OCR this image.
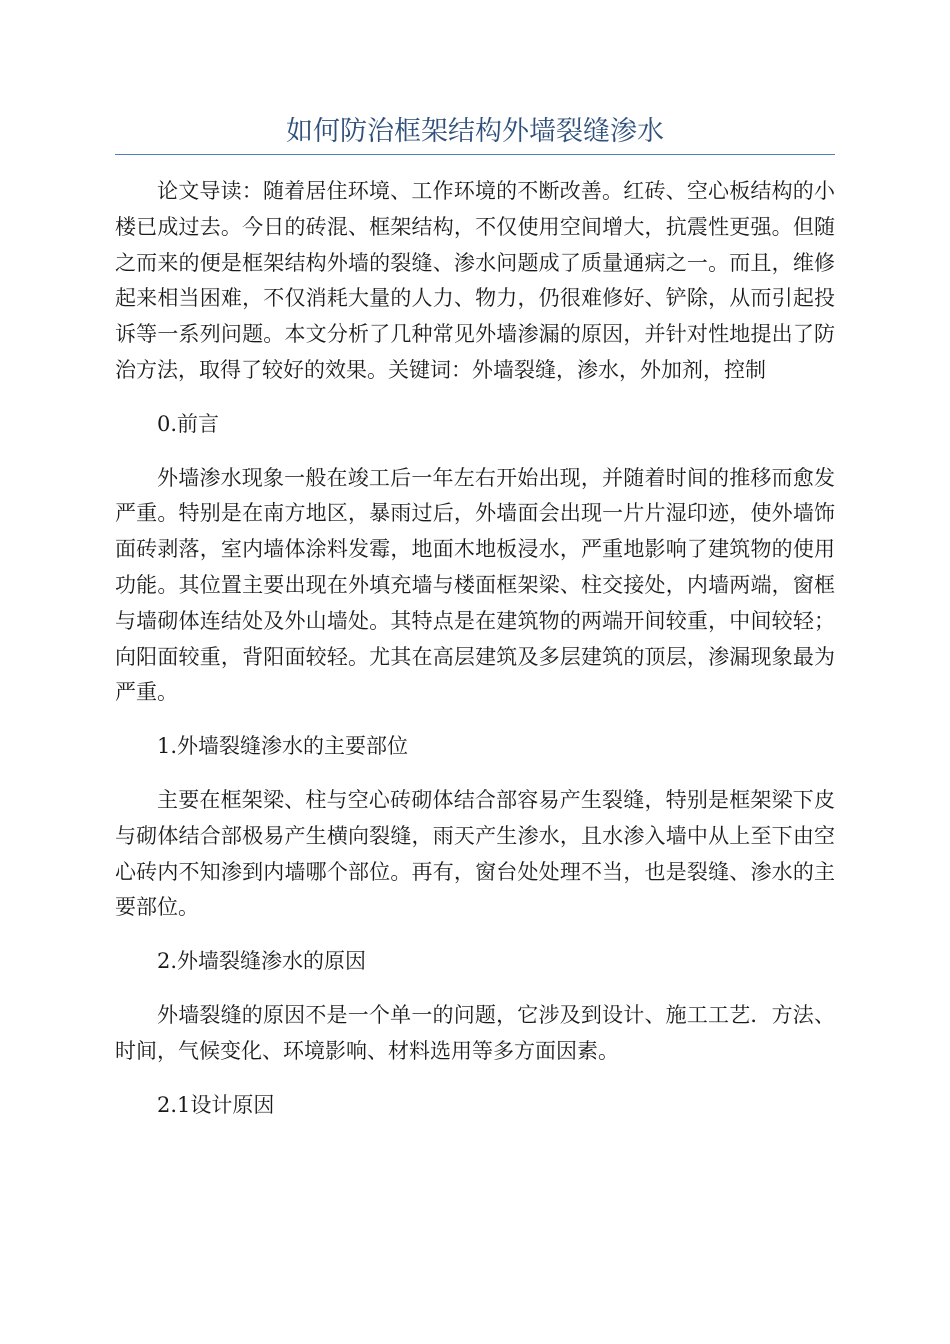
如何防治框架结构外墙裂缝渗水

论文导读：随着居住环境、工作环境的不断改善。红砖、空心板结构的小楼已成过去。今日的砖混、框架结构，不仅使用空间增大，抗震性更强。但随之而来的便是框架结构外墙的裂缝、渗水问题成了质量通病之一。而且，维修起来相当困难，不仅消耗大量的人力、物力，仍很难修好、铲除，从而引起投诉等一系列问题。本文分析了几种常见外墙渗漏的原因，并针对性地提出了防治方法，取得了较好的效果。关键词：外墙裂缝，渗水，外加剂，控制

0.前言

外墙渗水现象一般在竣工后一年左右开始出现，并随着时间的推移而愈发严重。特别是在南方地区，暴雨过后，外墙面会出现一片片湿印迹，使外墙饰面砖剥落，室内墙体涂料发霉，地面木地板浸水，严重地影响了建筑物的使用功能。其位置主要出现在外填充墙与楼面框架梁、柱交接处，内墙两端，窗框与墙砌体连结处及外山墙处。其特点是在建筑物的两端开间较重，中间较轻；向阳面较重，背阳面较轻。尤其在高层建筑及多层建筑的顶层，渗漏现象最为严重。

1.外墙裂缝渗水的主要部位

主要在框架梁、柱与空心砖砌体结合部容易产生裂缝，特别是框架梁下皮与砌体结合部极易产生横向裂缝，雨天产生渗水，且水渗入墙中从上至下由空心砖内不知渗到内墙哪个部位。再有，窗台处处理不当，也是裂缝、渗水的主要部位。

2.外墙裂缝渗水的原因

外墙裂缝的原因不是一个单一的问题，它涉及到设计、施工工艺．方法、时间，气候变化、环境影响、材料选用等多方面因素。

2.1设计原因
